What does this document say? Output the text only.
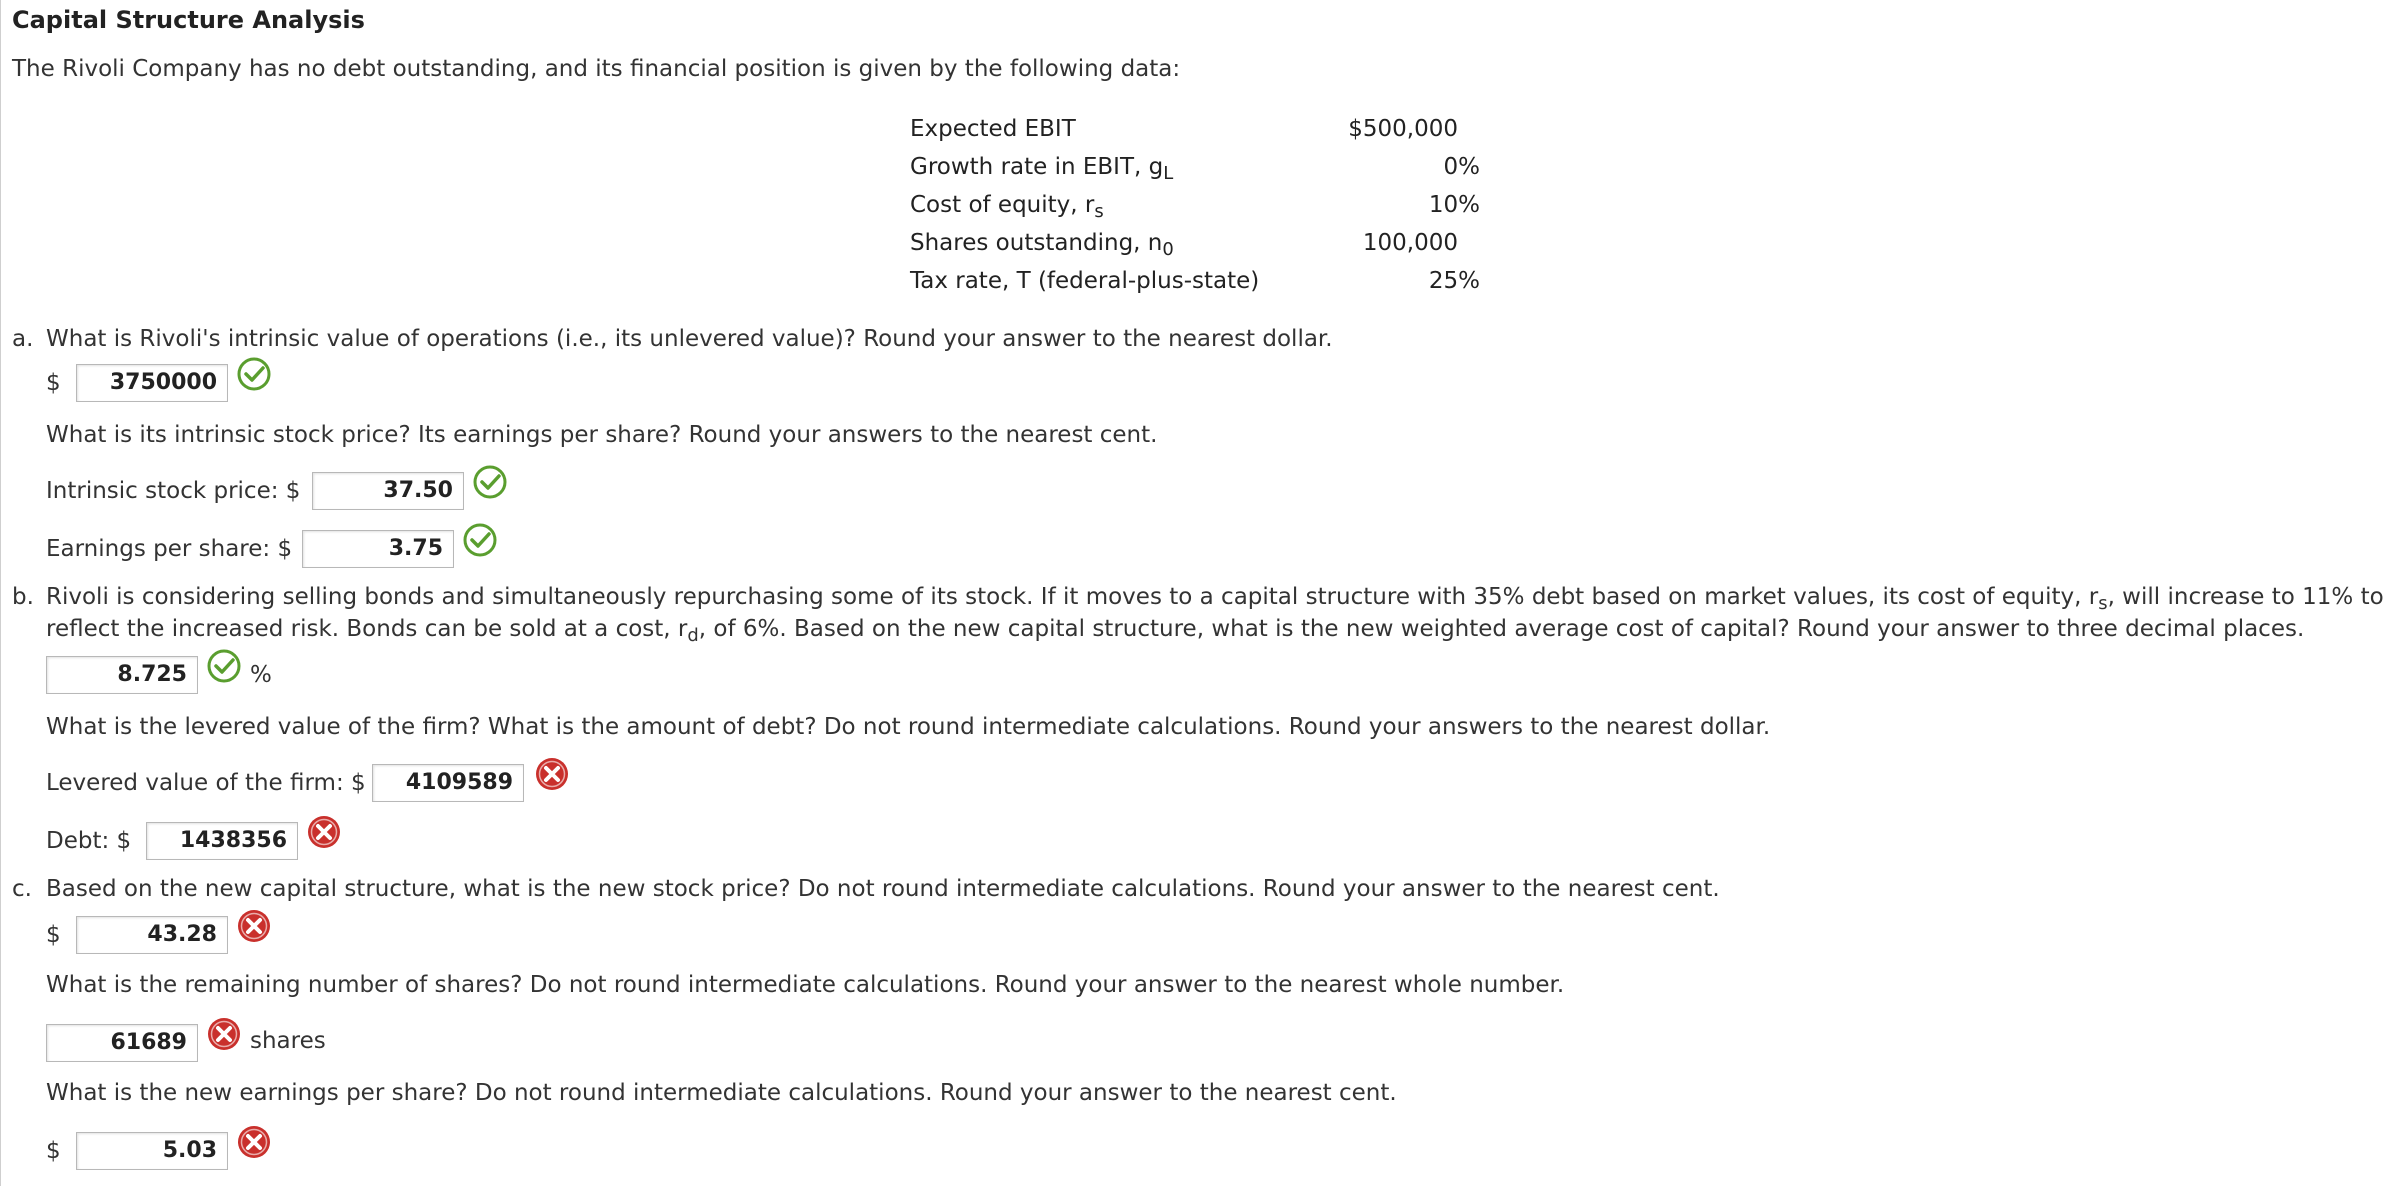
Capital Structure Analysis
The Rivoli Company has no debt outstanding, and its financial position is given by the following data:
Expected EBIT	$500,000
Growth rate in EBIT, $g_L$	0%
Cost of equity, $r_s$	10%
Shares outstanding, $n_0$	100,000
Tax rate, T (federal-plus-state)	25%
a. What is Rivoli's intrinsic value of operations (i.e., its unlevered value)? Round your answer to the nearest dollar.
$	3750000
What is its intrinsic stock price? Its earnings per share? Round your answers to the nearest cent.
Intrinsic stock price: $	37.50
Earnings per share: $	3.75
b. Rivoli is considering selling bonds and simultaneously repurchasing some of its stock. If it moves to a capital structure with 35% debt based on market values, its cost of equity, $r_s$, will increase to 11% to
reflect the increased risk. Bonds can be sold at a cost, $r_d$, of 6%. Based on the new capital structure, what is the new weighted average cost of capital? Round your answer to three decimal places.
8.725	%
What is the levered value of the firm? What is the amount of debt? Do not round intermediate calculations. Round your answers to the nearest dollar.
Levered value of the firm: $	4109589
Debt: $	1438356
c. Based on the new capital structure, what is the new stock price? Do not round intermediate calculations. Round your answer to the nearest cent.
$	43.28
What is the remaining number of shares? Do not round intermediate calculations. Round your answer to the nearest whole number.
61689	shares
What is the new earnings per share? Do not round intermediate calculations. Round your answer to the nearest cent.
$	5.03
